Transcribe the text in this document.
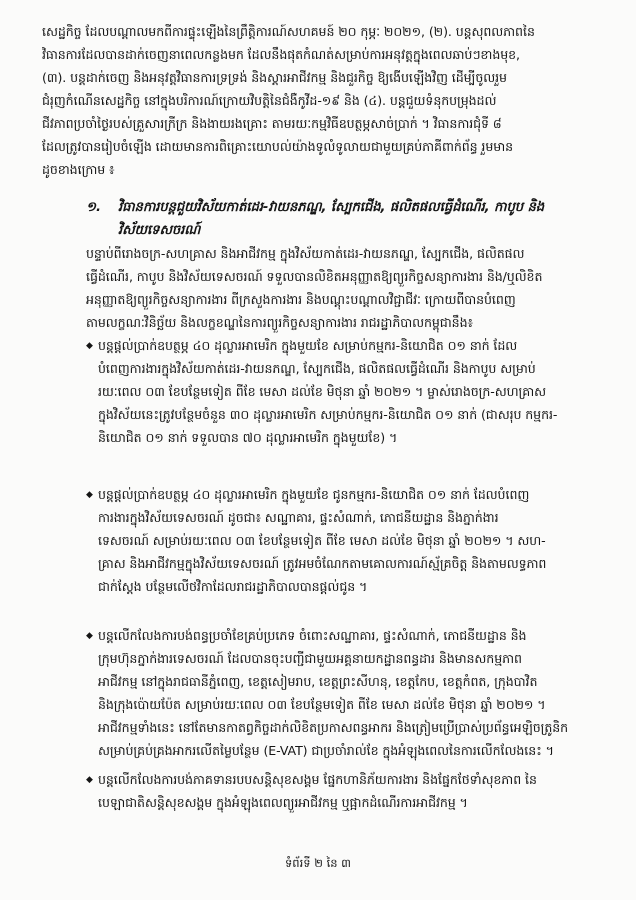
សេដ្ឋកិច្ច ដែលបណ្ដាលមកពីការផ្ទុះឡើងនៃព្រឹត្តិការណ៍សហគមន៍ ២០ កុម្ភៈ ២០២១, (២). បន្តសុពលភាពនៃ
វិធានការដែលបានដាក់ចេញនាពេលកន្លងមក ដែលនឹងផុតកំណត់សម្រាប់ការអនុវត្តក្នុងពេលឆាប់ៗខាងមុខ,
(៣). បន្តដាក់ចេញ និងអនុវត្តវិធានការទ្រទ្រង់ និងស្ដារអាជីវកម្ម និងជួរកិច្ច ឱ្យងើបឡើងវិញ ដើម្បីចូលរួម
ជំរុញកំណើនសេដ្ឋកិច្ច នៅក្នុងបរិការណ៍ក្រោយវិបត្តិនៃជំងឺកូវីដ-១៩ និង (៤). បន្តជួយទំនុកបម្រុងដល់
ជីវភាពប្រចាំថ្ងៃរបស់គ្រួសារក្រីក្រ និងងាយរងគ្រោះ តាមរយៈកម្មវិធីឧបត្ថម្ភសាច់ប្រាក់ ។ វិធានការជុំទី ៨
ដែលត្រូវបានរៀបចំឡើង ដោយមានការពិគ្រោះយោបល់យ៉ាងទូលំទូលាយជាមួយគ្រប់ភាគីពាក់ព័ន្ធ រួមមាន
ដូចខាងក្រោម ៖
១. វិធានការបន្តជួយវិស័យកាត់ដេរ-វាយនភណ្ឌ, ស្បែកជើង, ផលិតផលធ្វើដំណើរ, កាបូប និង
វិស័យទេសចរណ៍
បន្ទាប់ពីរោងចក្រ-សហគ្រាស និងអាជីវកម្ម ក្នុងវិស័យកាត់ដេរ-វាយនភណ្ឌ, ស្បែកជើង, ផលិតផល
ធ្វើដំណើរ, កាបូប និងវិស័យទេសចរណ៍ ទទួលបានលិខិតអនុញ្ញាតឱ្យព្យួរកិច្ចសន្យាការងារ និង/ឬលិខិត
អនុញ្ញាតឱ្យព្យួរកិច្ចសន្យាការងារ ពីក្រសួងការងារ និងបណ្ដុះបណ្ដាលវិជ្ជាជីវៈ ក្រោយពីបានបំពេញ
តាមលក្ខណៈវិនិច្ឆ័យ និងលក្ខខណ្ឌនៃការព្យួរកិច្ចសន្យាការងារ រាជរដ្ឋាភិបាលកម្ពុជានឹង៖
◆ បន្តផ្ដល់ប្រាក់ឧបត្ថម្ភ ៤០ ដុល្លារអាមេរិក ក្នុងមួយខែ សម្រាប់កម្មករ-និយោជិត ០១ នាក់ ដែល
បំពេញការងារក្នុងវិស័យកាត់ដេរ-វាយនភណ្ឌ, ស្បែកជើង, ផលិតផលធ្វើដំណើរ និងកាបូប សម្រាប់
រយៈពេល ០៣ ខែបន្ថែមទៀត ពីខែ មេសា ដល់ខែ មិថុនា ឆ្នាំ ២០២១ ។ ម្ចាស់រោងចក្រ-សហគ្រាស
ក្នុងវិស័យនេះត្រូវបន្ថែមចំនួន ៣០ ដុល្លារអាមេរិក សម្រាប់កម្មករ-និយោជិត ០១ នាក់ (ជាសរុប កម្មករ-
និយោជិត ០១ នាក់ ទទួលបាន ៧០ ដុល្លារអាមេរិក ក្នុងមួយខែ) ។
◆ បន្តផ្ដល់ប្រាក់ឧបត្ថម្ភ ៤០ ដុល្លារអាមេរិក ក្នុងមួយខែ ជូនកម្មករ-និយោជិត ០១ នាក់ ដែលបំពេញ
ការងារក្នុងវិស័យទេសចរណ៍ ដូចជា៖ សណ្ឋាគារ, ផ្ទះសំណាក់, ភោជនីយដ្ឋាន និងភ្នាក់ងារ
ទេសចរណ៍ សម្រាប់រយៈពេល ០៣ ខែបន្ថែមទៀត ពីខែ មេសា ដល់ខែ មិថុនា ឆ្នាំ ២០២១ ។ សហ-
គ្រាស និងអាជីវកម្មក្នុងវិស័យទេសចរណ៍ ត្រូវអមចំណែកតាមគោលការណ៍ស្ម័គ្រចិត្ត និងតាមលទ្ធភាព
ជាក់ស្ដែង បន្ថែមលើថវិកាដែលរាជរដ្ឋាភិបាលបានផ្ដល់ជូន ។
◆ បន្តលើកលែងការបង់ពន្ធប្រចាំខែគ្រប់ប្រភេទ ចំពោះសណ្ឋាគារ, ផ្ទះសំណាក់, ភោជនីយដ្ឋាន និង
ក្រុមហ៊ុនភ្នាក់ងារទេសចរណ៍ ដែលបានចុះបញ្ជីជាមួយអគ្គនាយកដ្ឋានពន្ធដារ និងមានសកម្មភាព
អាជីវកម្ម នៅក្នុងរាជធានីភ្នំពេញ, ខេត្តសៀមរាប, ខេត្តព្រះសីហនុ, ខេត្តកែប, ខេត្តកំពត, ក្រុងបាវិត
និងក្រុងប៉ោយប៉ែត សម្រាប់រយៈពេល ០៣ ខែបន្ថែមទៀត ពីខែ មេសា ដល់ខែ មិថុនា ឆ្នាំ ២០២១ ។
អាជីវកម្មទាំងនេះ នៅតែមានកាតព្វកិច្ចដាក់លិខិតប្រកាសពន្ធអាករ និងត្រៀមប្រើប្រាស់ប្រព័ន្ធអេឡិចត្រូនិក
សម្រាប់គ្រប់គ្រងអាករលើតម្លៃបន្ថែម (E-VAT) ជាប្រចាំរាល់ខែ ក្នុងអំឡុងពេលនៃការលើកលែងនេះ ។
◆ បន្តលើកលែងការបង់ភាគទានរបបសន្តិសុខសង្គម ផ្នែកហានិភ័យការងារ និងផ្នែកថែទាំសុខភាព នៃ
បេឡាជាតិសន្តិសុខសង្គម ក្នុងអំឡុងពេលព្យួរអាជីវកម្ម ឬផ្អាកដំណើរការអាជីវកម្ម ។
ទំព័រទី ២ នៃ ៣
